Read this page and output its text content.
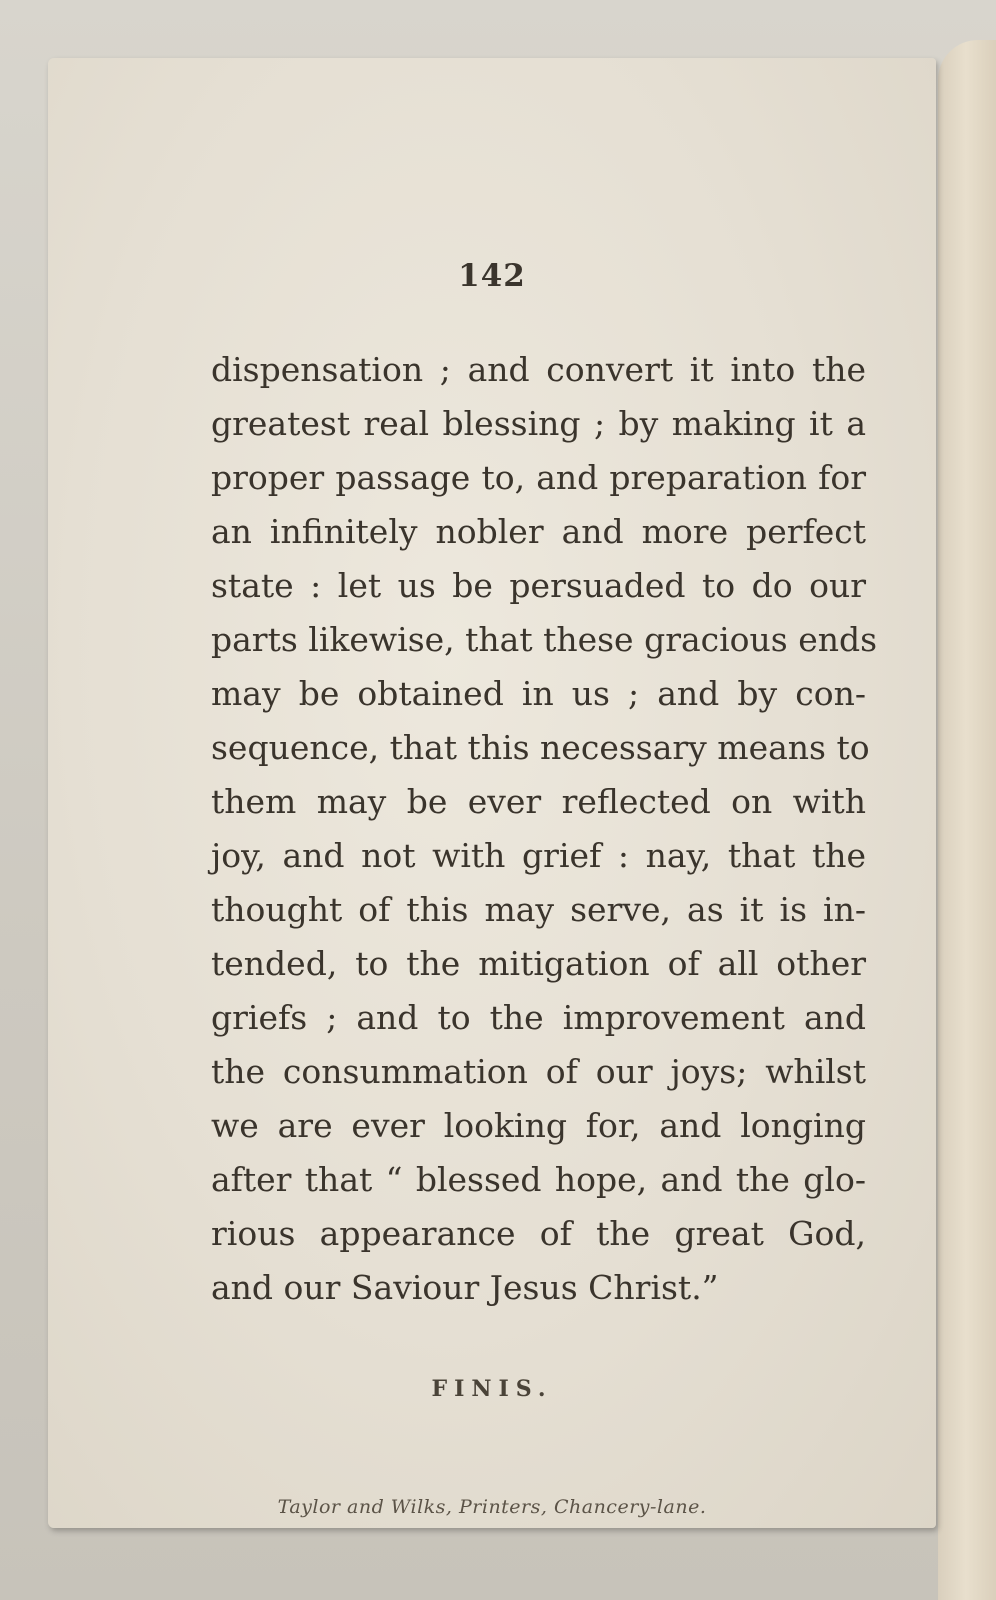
142
dispensation ; and convert it into the
greatest real blessing ; by making it a
proper passage to, and preparation for
an infinitely nobler and more perfect
state : let us be persuaded to do our
parts likewise, that these gracious ends
may be obtained in us ; and by con-
sequence, that this necessary means to
them may be ever reflected on with
joy, and not with grief : nay, that the
thought of this may serve, as it is in-
tended, to the mitigation of all other
griefs ; and to the improvement and
the consummation of our joys; whilst
we are ever looking for, and longing
after that “ blessed hope, and the glo-
rious appearance of the great God,
and our Saviour Jesus Christ.”
FINIS.
Taylor and Wilks, Printers, Chancery-lane.
